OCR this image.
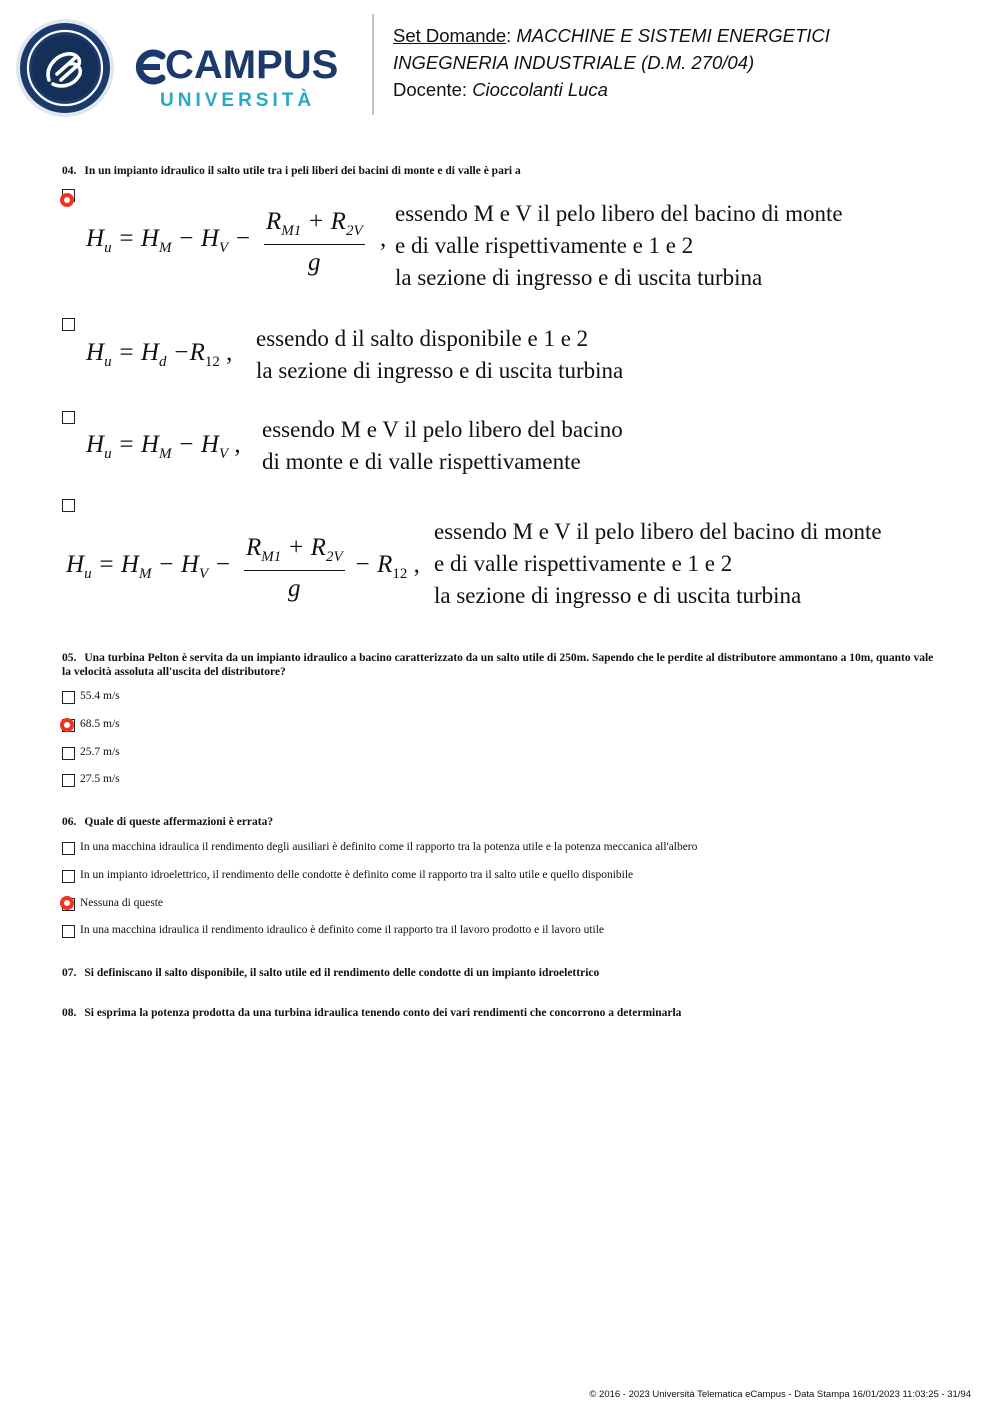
CAMPUS
UNIVERSITÀ
Set Domande: MACCHINE E SISTEMI ENERGETICI
INGEGNERIA INDUSTRIALE (D.M. 270/04)
Docente: Cioccolanti Luca
04. In un impianto idraulico il salto utile tra i peli liberi dei bacini di monte e di valle è pari a
$H_u = H_M - H_V - \frac{R_{M1} + R_{2V}}{g}$ ,
essendo M e V il pelo libero del bacino di monte
e di valle rispettivamente e 1 e 2
la sezione di ingresso e di uscita turbina
$H_u = H_d -R_{12}$ ,
essendo d il salto disponibile e 1 e 2
la sezione di ingresso e di uscita turbina
$H_u = H_M - H_V$ ,
essendo M e V il pelo libero del bacino
di monte e di valle rispettivamente
$H_u = H_M - H_V - \frac{R_{M1} + R_{2V}}{g} - R_{12}$ ,
essendo M e V il pelo libero del bacino di monte
e di valle rispettivamente e 1 e 2
la sezione di ingresso e di uscita turbina
05. Una turbina Pelton è servita da un impianto idraulico a bacino caratterizzato da un salto utile di 250m. Sapendo che le perdite al distributore ammontano a 10m, quanto vale la velocità assoluta all'uscita del distributore?
55.4 m/s
68.5 m/s
25.7 m/s
27.5 m/s
06. Quale di queste affermazioni è errata?
In una macchina idraulica il rendimento degli ausiliari è definito come il rapporto tra la potenza utile e la potenza meccanica all'albero
In un impianto idroelettrico, il rendimento delle condotte è definito come il rapporto tra il salto utile e quello disponibile
Nessuna di queste
In una macchina idraulica il rendimento idraulico è definito come il rapporto tra il lavoro prodotto e il lavoro utile
07. Si definiscano il salto disponibile, il salto utile ed il rendimento delle condotte di un impianto idroelettrico
08. Si esprima la potenza prodotta da una turbina idraulica tenendo conto dei vari rendimenti che concorrono a determinarla
© 2016 - 2023 Università Telematica eCampus - Data Stampa 16/01/2023 11:03:25 - 31/94
